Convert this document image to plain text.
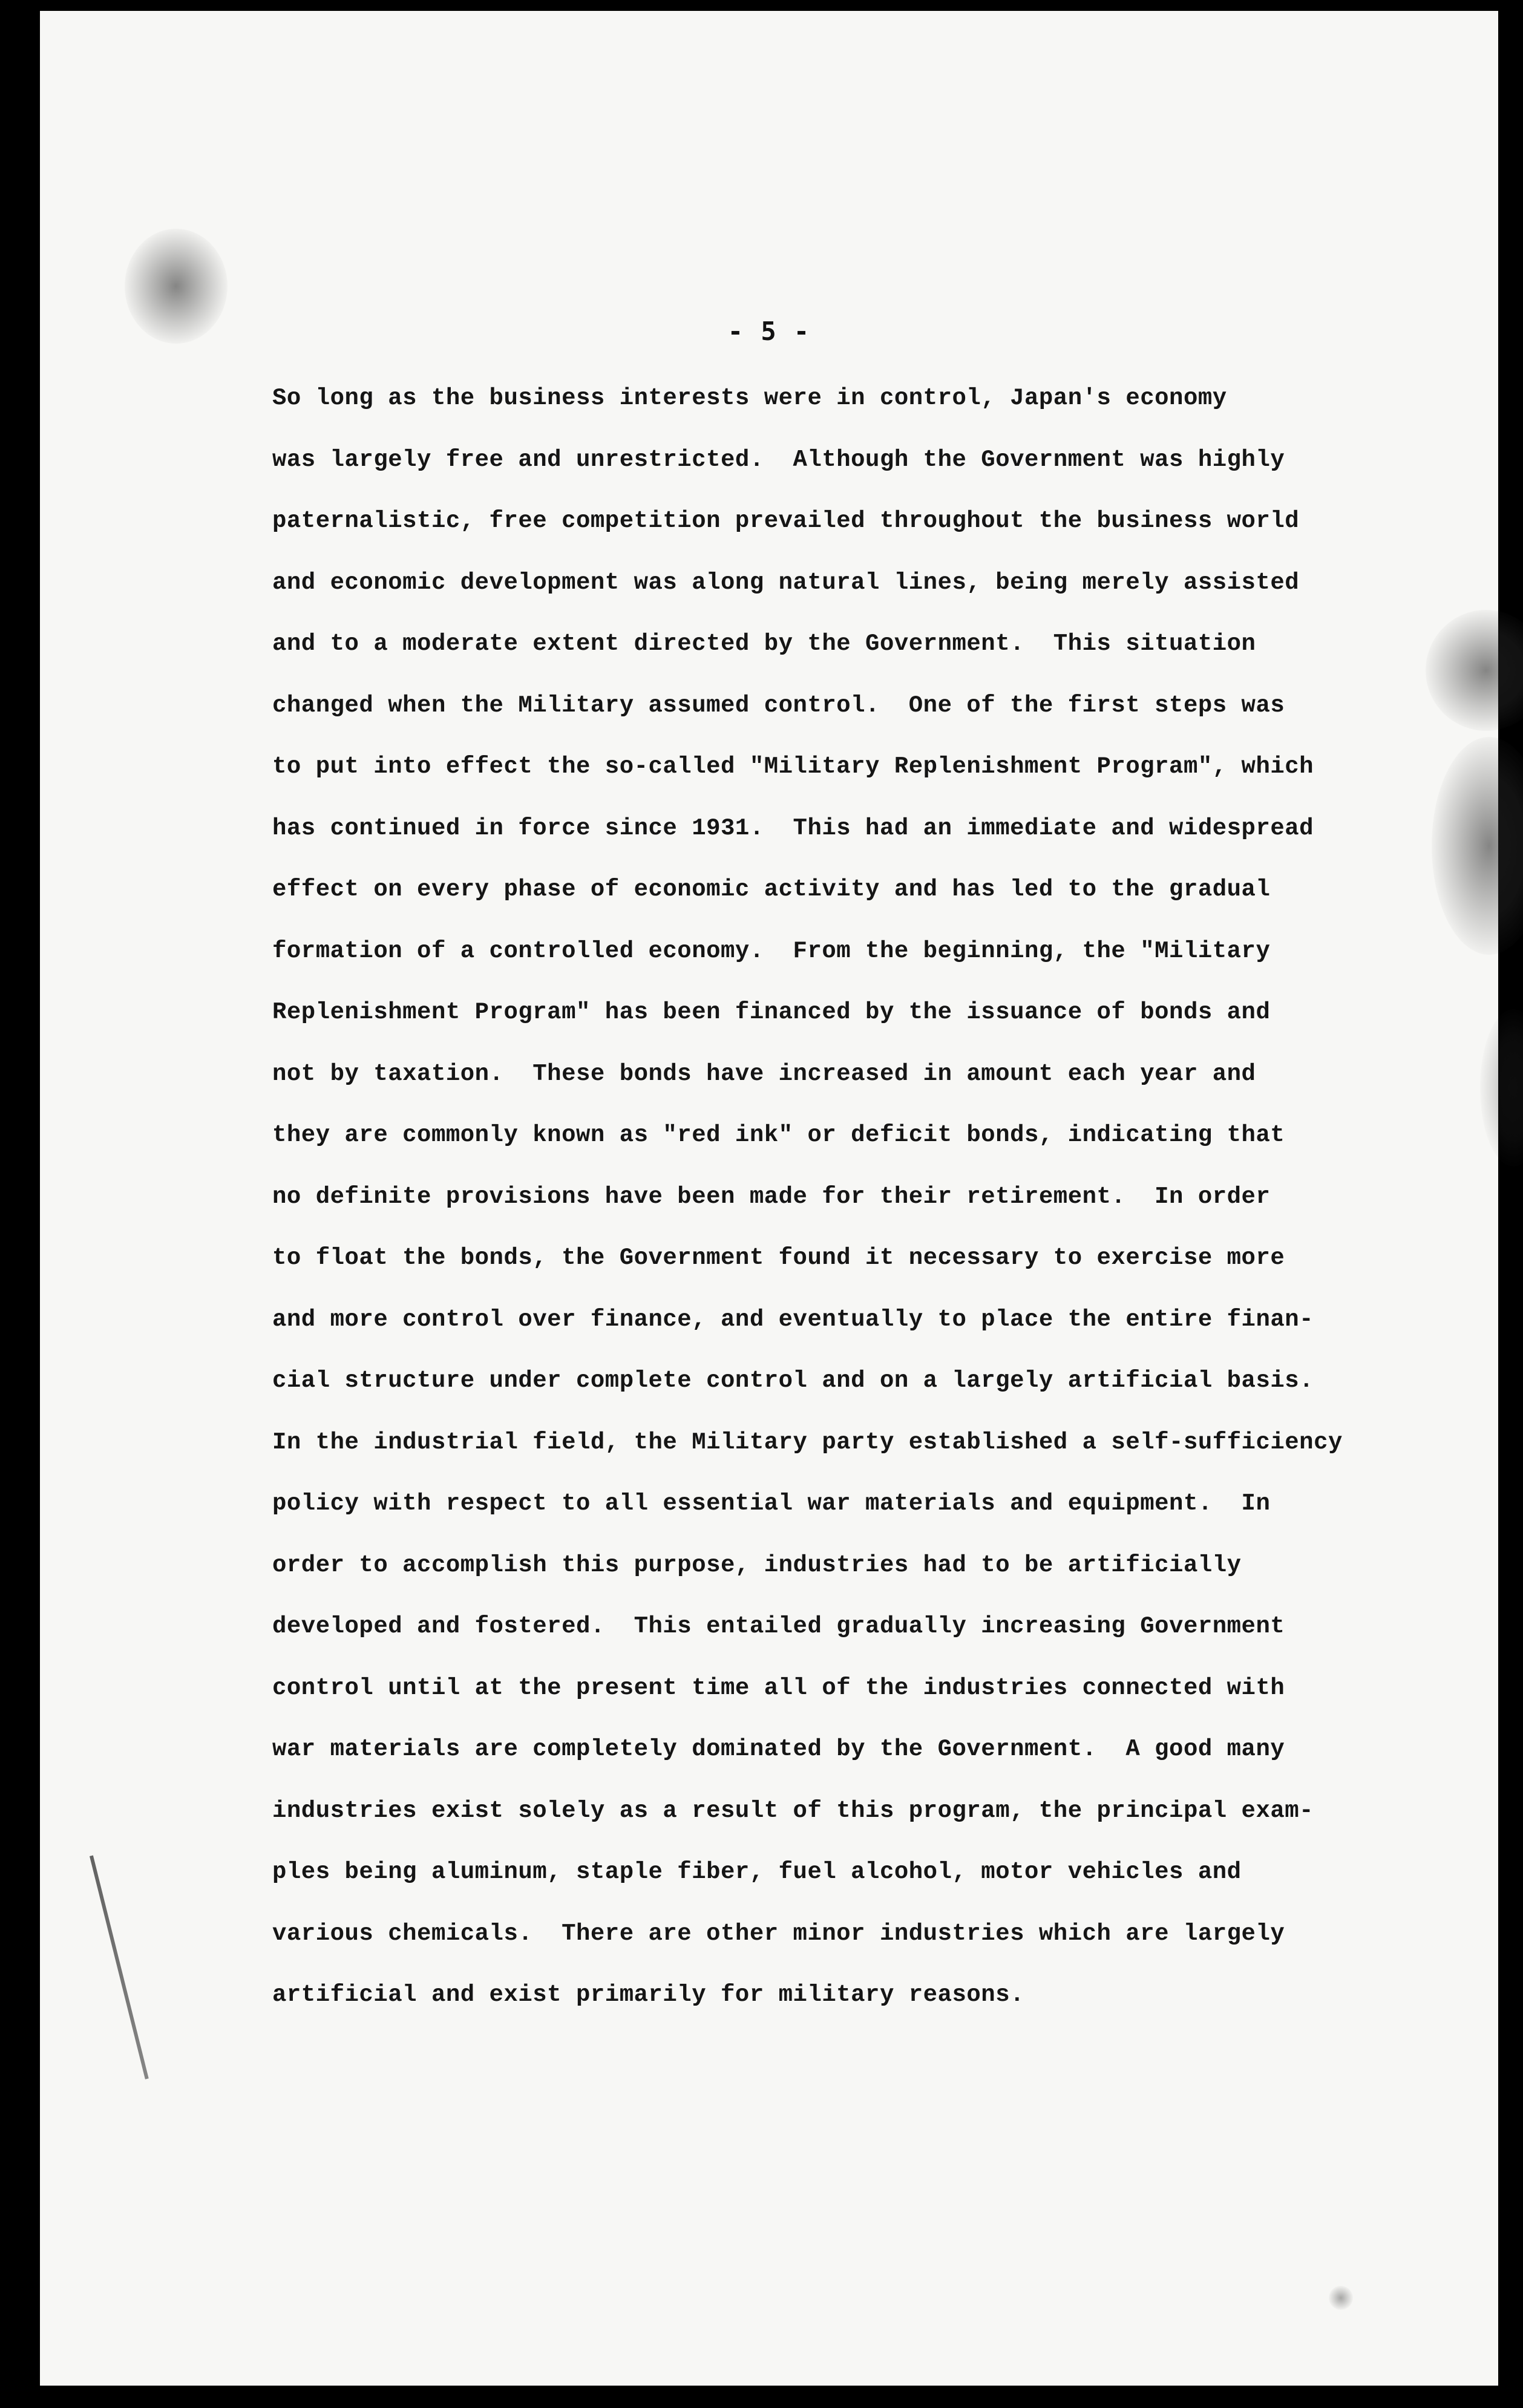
- 5 -
So long as the business interests were in control, Japan's economy
was largely free and unrestricted.  Although the Government was highly
paternalistic, free competition prevailed throughout the business world
and economic development was along natural lines, being merely assisted
and to a moderate extent directed by the Government.  This situation
changed when the Military assumed control.  One of the first steps was
to put into effect the so-called "Military Replenishment Program", which
has continued in force since 1931.  This had an immediate and widespread
effect on every phase of economic activity and has led to the gradual
formation of a controlled economy.  From the beginning, the "Military
Replenishment Program" has been financed by the issuance of bonds and
not by taxation.  These bonds have increased in amount each year and
they are commonly known as "red ink" or deficit bonds, indicating that
no definite provisions have been made for their retirement.  In order
to float the bonds, the Government found it necessary to exercise more
and more control over finance, and eventually to place the entire finan-
cial structure under complete control and on a largely artificial basis.
In the industrial field, the Military party established a self-sufficiency
policy with respect to all essential war materials and equipment.  In
order to accomplish this purpose, industries had to be artificially
developed and fostered.  This entailed gradually increasing Government
control until at the present time all of the industries connected with
war materials are completely dominated by the Government.  A good many
industries exist solely as a result of this program, the principal exam-
ples being aluminum, staple fiber, fuel alcohol, motor vehicles and
various chemicals.  There are other minor industries which are largely
artificial and exist primarily for military reasons.
